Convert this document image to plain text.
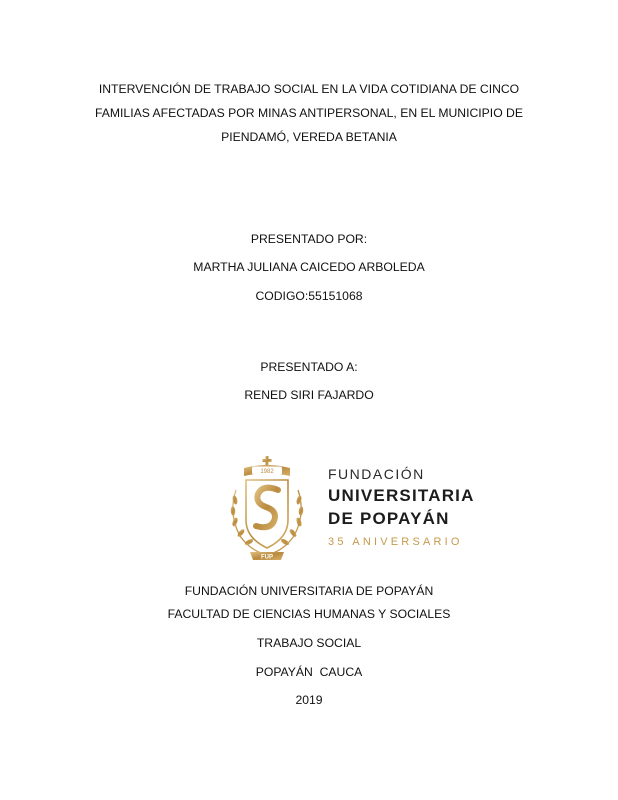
INTERVENCIÓN DE TRABAJO SOCIAL EN LA VIDA COTIDIANA DE CINCO
FAMILIAS AFECTADAS POR MINAS ANTIPERSONAL, EN EL MUNICIPIO DE
PIENDAMÓ, VEREDA BETANIA
PRESENTADO POR:
MARTHA JULIANA CAICEDO ARBOLEDA
CODIGO:55151068
PRESENTADO A:
RENED SIRI FAJARDO
1982
FUP
FUNDACIÓN
UNIVERSITARIA
DE POPAYÁN
35 ANIVERSARIO
FUNDACIÓN UNIVERSITARIA DE POPAYÁN
FACULTAD DE CIENCIAS HUMANAS Y SOCIALES
TRABAJO SOCIAL
POPAYÁN  CAUCA
2019
